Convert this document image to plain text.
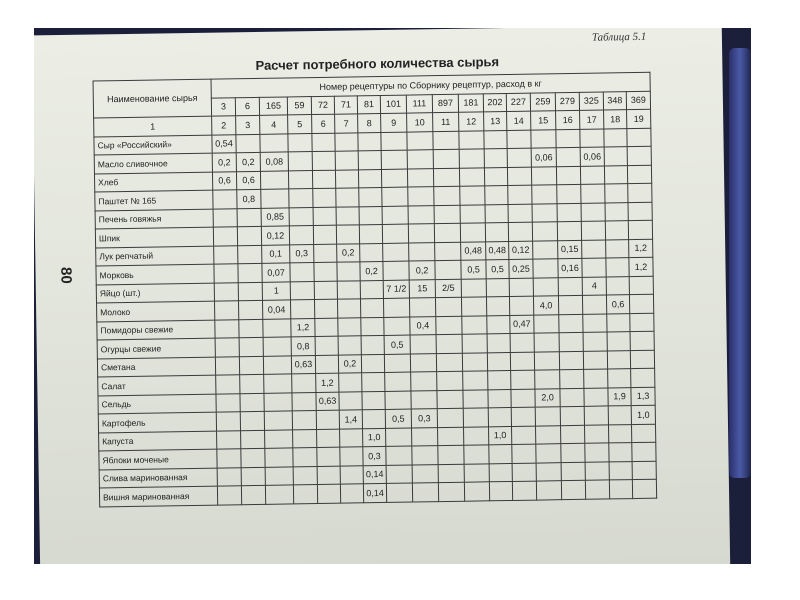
Таблица 5.1
Расчет потребного количества сырья
80
Наименование сырья	Номер рецептуры по Сборнику рецептур, расход в кг																	
	3	6	165	59	72	71	81	101	111	897	181	202	227	259	279	325	348	369
1	2	3	4	5	6	7	8	9	10	11	12	13	14	15	16	17	18	19
Сыр «Российский»	0,54																	
Масло сливочное	0,2	0,2	0,08											0,06		0,06		
Хлеб	0,6	0,6																
Паштет № 165		0,8																
Печень говяжья			0,85															
Шпик			0,12															
Лук репчатый			0,1	0,3		0,2					0,48	0,48	0,12		0,15			1,2
Морковь			0,07				0,2		0,2		0,5	0,5	0,25		0,16			1,2
Яйцо (шт.)			1					7 1/2	15	2/5						4		
Молоко			0,04											4,0			0,6	
Помидоры свежие				1,2					0,4				0,47					
Огурцы свежие				0,8				0,5										
Сметана				0,63		0,2												
Салат					1,2													
Сельдь					0,63									2,0			1,9	1,3
Картофель						1,4		0,5	0,3									1,0
Капуста							1,0					1,0						
Яблоки моченые							0,3											
Слива маринованная							0,14											
Вишня маринованная							0,14											
